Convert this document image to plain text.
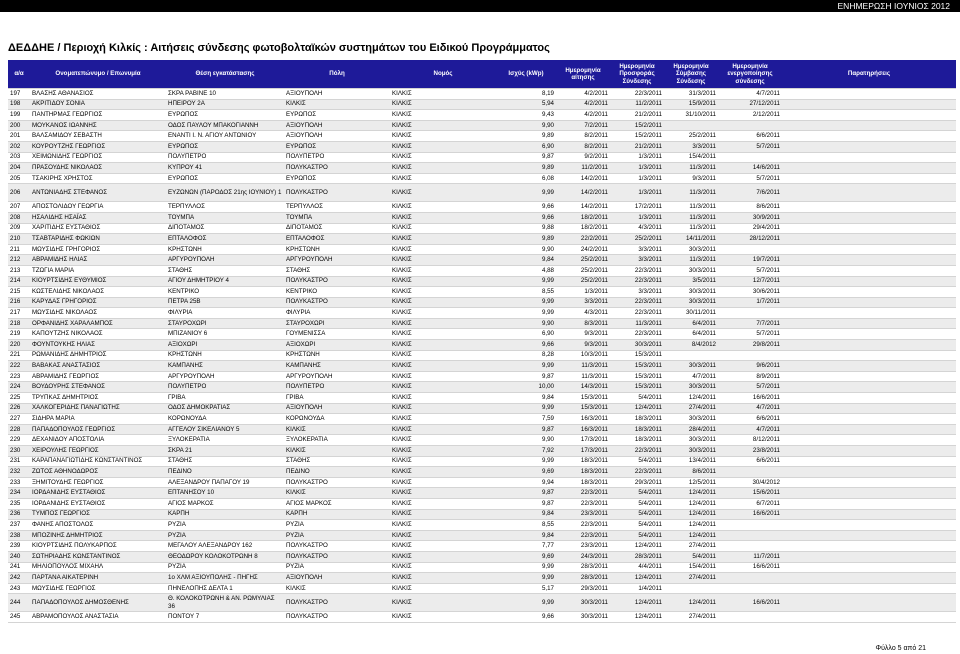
ΕΝΗΜΕΡΩΣΗ ΙΟΥΝΙΟΣ 2012
ΔΕΔΔΗΕ / Περιοχή Κιλκίς : Αιτήσεις σύνδεσης φωτοβολταϊκών συστημάτων του Ειδικού Προγράμματος
α/α	Ονοματεπώνυμο / Επωνυμία	Θέση εγκατάστασης	Πόλη	Νομός	Ισχύς (kWp)	Ημερομηνία αίτησης	Ημερομηνία Προσφοράς Σύνδεσης	Ημερομηνία Σύμβασης Σύνδεσης	Ημερομηνία ενεργοποίησης σύνδεσης	Παρατηρήσεις
197	ΒΛΑΣΗΣ ΑΘΑΝΑΣΙΟΣ	ΣΚΡΑ ΡΑΒΙΝΕ 10	ΑΞΙΟΥΠΟΛΗ	ΚΙΛΚΙΣ	8,19	4/2/2011	22/3/2011	31/3/2011	4/7/2011	
198	ΑΚΡΙΤΙΔΟΥ ΣΟΝΙΑ	ΗΠΕΙΡΟΥ 2Α	ΚΙΛΚΙΣ	ΚΙΛΚΙΣ	5,94	4/2/2011	11/2/2011	15/9/2011	27/12/2011	
199	ΠΑΝΤΗΡΜΑΣ ΓΕΩΡΓΙΟΣ	ΕΥΡΩΠΟΣ	ΕΥΡΩΠΟΣ	ΚΙΛΚΙΣ	9,43	4/2/2011	21/2/2011	31/10/2011	2/12/2011	
200	ΜΟΥΚΑΝΟΣ ΙΩΑΝΝΗΣ	ΟΔΟΣ ΠΑΥΛΟΥ ΜΠΑΚΟΓΙΑΝΝΗ	ΑΞΙΟΥΠΟΛΗ	ΚΙΛΚΙΣ	9,90	7/2/2011	15/2/2011			
201	ΒΑΛΣΑΜΙΔΟΥ ΣΕΒΑΣΤΗ	ΕΝΑΝΤΙ Ι. Ν. ΑΓΙΟΥ ΑΝΤΩΝΙΟΥ	ΑΞΙΟΥΠΟΛΗ	ΚΙΛΚΙΣ	9,89	8/2/2011	15/2/2011	25/2/2011	6/6/2011	
202	ΚΟΥΡΟΥΤΖΗΣ ΓΕΩΡΓΙΟΣ	ΕΥΡΩΠΟΣ	ΕΥΡΩΠΟΣ	ΚΙΛΚΙΣ	6,90	8/2/2011	21/2/2011	3/3/2011	5/7/2011	
203	ΧΕΙΜΩΝΙΔΗΣ ΓΕΩΡΓΙΟΣ	ΠΟΛΥΠΕΤΡΟ	ΠΟΛΥΠΕΤΡΟ	ΚΙΛΚΙΣ	9,87	9/2/2011	1/3/2011	15/4/2011		
204	ΠΡΑΣΟΥΔΗΣ ΝΙΚΟΛΑΟΣ	ΚΥΠΡΟΥ 41	ΠΟΛΥΚΑΣΤΡΟ	ΚΙΛΚΙΣ	9,89	11/2/2011	1/3/2011	11/3/2011	14/6/2011	
205	ΤΣΑΚΙΡΗΣ ΧΡΗΣΤΟΣ	ΕΥΡΩΠΟΣ	ΕΥΡΩΠΟΣ	ΚΙΛΚΙΣ	6,08	14/2/2011	1/3/2011	9/3/2011	5/7/2011	
206	ΑΝΤΩΝΙΑΔΗΣ ΣΤΕΦΑΝΟΣ	ΕΥΖΩΝΩΝ (ΠΑΡΟΔΟΣ 21ης ΙΟΥΝΙΟΥ) 1	ΠΟΛΥΚΑΣΤΡΟ	ΚΙΛΚΙΣ	9,99	14/2/2011	1/3/2011	11/3/2011	7/6/2011	
207	ΑΠΟΣΤΟΛΙΔΟΥ ΓΕΩΡΓΙΑ	ΤΕΡΠΥΛΛΟΣ	ΤΕΡΠΥΛΛΟΣ	ΚΙΛΚΙΣ	9,66	14/2/2011	17/2/2011	11/3/2011	8/6/2011	
208	ΗΣΑΛΙΔΗΣ ΗΣΑΪΑΣ	ΤΟΥΜΠΑ	ΤΟΥΜΠΑ	ΚΙΛΚΙΣ	9,66	18/2/2011	1/3/2011	11/3/2011	30/9/2011	
209	ΧΑΡΙΤΙΔΗΣ ΕΥΣΤΑΘΙΟΣ	ΔΙΠΟΤΑΜΟΣ	ΔΙΠΟΤΑΜΟΣ	ΚΙΛΚΙΣ	9,88	18/2/2011	4/3/2011	11/3/2011	29/4/2011	
210	ΤΣΑΒΤΑΡΙΔΗΣ ΦΩΚΙΩΝ	ΕΠΤΑΛΟΦΟΣ	ΕΠΤΑΛΟΦΟΣ	ΚΙΛΚΙΣ	9,89	22/2/2011	25/2/2011	14/11/2011	28/12/2011	
211	ΜΩΥΣΙΔΗΣ ΓΡΗΓΟΡΙΟΣ	ΚΡΗΣΤΩΝΗ	ΚΡΗΣΤΩΝΗ	ΚΙΛΚΙΣ	9,90	24/2/2011	3/3/2011	30/3/2011		
212	ΑΒΡΑΜΙΔΗΣ ΗΛΙΑΣ	ΑΡΓΥΡΟΥΠΟΛΗ	ΑΡΓΥΡΟΥΠΟΛΗ	ΚΙΛΚΙΣ	9,84	25/2/2011	3/3/2011	11/3/2011	19/7/2011	
213	ΤΖΩΓΙΑ ΜΑΡΙΑ	ΣΤΑΘΗΣ	ΣΤΑΘΗΣ	ΚΙΛΚΙΣ	4,88	25/2/2011	22/3/2011	30/3/2011	5/7/2011	
214	ΚΙΟΥΡΤΣΙΔΗΣ ΕΥΘΥΜΙΟΣ	ΑΓΙΟΥ ΔΗΜΗΤΡΙΟΥ 4	ΠΟΛΥΚΑΣΤΡΟ	ΚΙΛΚΙΣ	9,99	25/2/2011	22/3/2011	3/5/2011	12/7/2011	
215	ΚΩΣΤΕΛΙΔΗΣ ΝΙΚΟΛΑΟΣ	ΚΕΝΤΡΙΚΟ	ΚΕΝΤΡΙΚΟ	ΚΙΛΚΙΣ	8,55	1/3/2011	3/3/2011	30/3/2011	30/6/2011	
216	ΚΑΡΥΔΑΣ ΓΡΗΓΟΡΙΟΣ	ΠΕΤΡΑ 25Β	ΠΟΛΥΚΑΣΤΡΟ	ΚΙΛΚΙΣ	9,99	3/3/2011	22/3/2011	30/3/2011	1/7/2011	
217	ΜΩΥΣΙΔΗΣ ΝΙΚΟΛΑΟΣ	ΦΙΛΥΡΙΑ	ΦΙΛΥΡΙΑ	ΚΙΛΚΙΣ	9,99	4/3/2011	22/3/2011	30/11/2011		
218	ΟΡΦΑΝΙΔΗΣ ΧΑΡΑΛΑΜΠΟΣ	ΣΤΑΥΡΟΧΩΡΙ	ΣΤΑΥΡΟΧΩΡΙ	ΚΙΛΚΙΣ	9,90	8/3/2011	11/3/2011	6/4/2011	7/7/2011	
219	ΚΑΠΟΥΤΖΗΣ ΝΙΚΟΛΑΟΣ	ΜΠΙΖΑΝΙΟΥ 6	ΓΟΥΜΕΝΙΣΣΑ	ΚΙΛΚΙΣ	6,90	9/3/2011	22/3/2011	6/4/2011	5/7/2011	
220	ΦΟΥΝΤΟΥΚΗΣ ΗΛΙΑΣ	ΑΞΙΟΧΩΡΙ	ΑΞΙΟΧΩΡΙ	ΚΙΛΚΙΣ	9,66	9/3/2011	30/3/2011	8/4/2012	29/8/2011	
221	ΡΩΜΑΝΙΔΗΣ ΔΗΜΗΤΡΙΟΣ	ΚΡΗΣΤΩΝΗ	ΚΡΗΣΤΩΝΗ	ΚΙΛΚΙΣ	8,28	10/3/2011	15/3/2011			
222	ΒΑΒΑΚΑΣ ΑΝΑΣΤΑΣΙΟΣ	ΚΑΜΠΑΝΗΣ	ΚΑΜΠΑΝΗΣ	ΚΙΛΚΙΣ	9,99	11/3/2011	15/3/2011	30/3/2011	9/6/2011	
223	ΑΒΡΑΜΙΔΗΣ ΓΕΩΡΓΙΟΣ	ΑΡΓΥΡΟΥΠΟΛΗ	ΑΡΓΥΡΟΥΠΟΛΗ	ΚΙΛΚΙΣ	9,87	11/3/2011	15/3/2011	4/7/2011	8/9/2011	
224	ΒΟΥΔΟΥΡΗΣ ΣΤΕΦΑΝΟΣ	ΠΟΛΥΠΕΤΡΟ	ΠΟΛΥΠΕΤΡΟ	ΚΙΛΚΙΣ	10,00	14/3/2011	15/3/2011	30/3/2011	5/7/2011	
225	ΤΡΥΠΚΑΣ ΔΗΜΗΤΡΙΟΣ	ΓΡΙΒΑ	ΓΡΙΒΑ	ΚΙΛΚΙΣ	9,84	15/3/2011	5/4/2011	12/4/2011	16/6/2011	
226	ΧΑΛΚΟΓΕΡΙΔΗΣ ΠΑΝΑΓΙΩΤΗΣ	ΟΔΟΣ ΔΗΜΟΚΡΑΤΙΑΣ	ΑΞΙΟΥΠΟΛΗ	ΚΙΛΚΙΣ	9,99	15/3/2011	12/4/2011	27/4/2011	4/7/2011	
227	ΣΙΔΗΡΑ ΜΑΡΙΑ	ΚΟΡΩΝΟΥΔΑ	ΚΟΡΩΝΟΥΔΑ	ΚΙΛΚΙΣ	7,59	16/3/2011	18/3/2011	30/3/2011	6/6/2011	
228	ΠΑΠΑΔΟΠΟΥΛΟΣ ΓΕΩΡΓΙΟΣ	ΑΓΓΕΛΟΥ ΣΙΚΕΛΙΑΝΟΥ 5	ΚΙΛΚΙΣ	ΚΙΛΚΙΣ	9,87	16/3/2011	18/3/2011	28/4/2011	4/7/2011	
229	ΔΕΧΑΝΙΔΟΥ ΑΠΟΣΤΟΛΙΑ	ΞΥΛΟΚΕΡΑΤΙΑ	ΞΥΛΟΚΕΡΑΤΙΑ	ΚΙΛΚΙΣ	9,90	17/3/2011	18/3/2011	30/3/2011	8/12/2011	
230	ΧΕΙΡΟΥΛΗΣ ΓΕΩΡΓΙΟΣ	ΣΚΡΑ 21	ΚΙΛΚΙΣ	ΚΙΛΚΙΣ	7,92	17/3/2011	22/3/2011	30/3/2011	23/8/2011	
231	ΚΑΡΑΠΑΝΑΓΙΩΤΙΔΗΣ ΚΩΝΣΤΑΝΤΙΝΟΣ	ΣΤΑΘΗΣ	ΣΤΑΘΗΣ	ΚΙΛΚΙΣ	9,99	18/3/2011	5/4/2011	13/4/2011	6/6/2011	
232	ΖΩΤΟΣ ΑΘΗΝΟΔΩΡΟΣ	ΠΕΔΙΝΟ	ΠΕΔΙΝΟ	ΚΙΛΚΙΣ	9,69	18/3/2011	22/3/2011	8/6/2011		
233	ΞΗΜΙΤΟΥΔΗΣ ΓΕΩΡΓΙΟΣ	ΑΛΕΞΑΝΔΡΟΥ ΠΑΠΑΓΟΥ 19	ΠΟΛΥΚΑΣΤΡΟ	ΚΙΛΚΙΣ	9,94	18/3/2011	29/3/2011	12/5/2011	30/4/2012	
234	ΙΟΡΔΑΝΙΔΗΣ ΕΥΣΤΑΘΙΟΣ	ΕΠΤΑΝΗΣΟΥ 10	ΚΙΛΚΙΣ	ΚΙΛΚΙΣ	9,87	22/3/2011	5/4/2011	12/4/2011	15/6/2011	
235	ΙΟΡΔΑΝΙΔΗΣ ΕΥΣΤΑΘΙΟΣ	ΑΓΙΟΣ ΜΑΡΚΟΣ	ΑΓΙΟΣ ΜΑΡΚΟΣ	ΚΙΛΚΙΣ	9,87	22/3/2011	5/4/2011	12/4/2011	6/7/2011	
236	ΤΥΜΠΟΣ ΓΕΩΡΓΙΟΣ	ΚΑΡΠΗ	ΚΑΡΠΗ	ΚΙΛΚΙΣ	9,84	23/3/2011	5/4/2011	12/4/2011	16/6/2011	
237	ΦΑΝΗΣ ΑΠΟΣΤΟΛΟΣ	ΡΥΖΙΑ	ΡΥΖΙΑ	ΚΙΛΚΙΣ	8,55	22/3/2011	5/4/2011	12/4/2011		
238	ΜΠΟΖΙΝΗΣ ΔΗΜΗΤΡΙΟΣ	ΡΥΖΙΑ	ΡΥΖΙΑ	ΚΙΛΚΙΣ	9,84	22/3/2011	5/4/2011	12/4/2011		
239	ΚΙΟΥΡΤΣΙΔΗΣ ΠΟΛΥΚΑΡΠΟΣ	ΜΕΓΑΛΟΥ ΑΛΕΞΑΝΔΡΟΥ 162	ΠΟΛΥΚΑΣΤΡΟ	ΚΙΛΚΙΣ	7,77	23/3/2011	12/4/2011	27/4/2011		
240	ΣΩΤΗΡΙΑΔΗΣ ΚΩΝΣΤΑΝΤΙΝΟΣ	ΘΕΟΔΩΡΟΥ ΚΟΛΟΚΟΤΡΩΝΗ 8	ΠΟΛΥΚΑΣΤΡΟ	ΚΙΛΚΙΣ	9,69	24/3/2011	28/3/2011	5/4/2011	11/7/2011	
241	ΜΗΛΙΟΠΟΥΛΟΣ ΜΙΧΑΗΛ	ΡΥΖΙΑ	ΡΥΖΙΑ	ΚΙΛΚΙΣ	9,99	28/3/2011	4/4/2011	15/4/2011	16/6/2011	
242	ΠΑΡΤΑΝΑ ΑΙΚΑΤΕΡΙΝΗ	1ο ΧΛΜ ΑΞΙΟΥΠΟΛΗΣ - ΠΗΓΗΣ	ΑΞΙΟΥΠΟΛΗ	ΚΙΛΚΙΣ	9,99	28/3/2011	12/4/2011	27/4/2011		
243	ΜΩΥΣΙΔΗΣ ΓΕΩΡΓΙΟΣ	ΠΗΝΕΛΟΠΗΣ ΔΕΛΤΑ 1	ΚΙΛΚΙΣ	ΚΙΛΚΙΣ	5,17	29/3/2011	1/4/2011			
244	ΠΑΠΑΔΟΠΟΥΛΟΣ ΔΗΜΟΣΘΕΝΗΣ	Θ. ΚΟΛΟΚΟΤΡΩΝΗ & ΑΝ. ΡΩΜΥΛΙΑΣ 36	ΠΟΛΥΚΑΣΤΡΟ	ΚΙΛΚΙΣ	9,99	30/3/2011	12/4/2011	12/4/2011	16/6/2011	
245	ΑΒΡΑΜΟΠΟΥΛΟΣ ΑΝΑΣΤΑΣΙΑ	ΠΟΝΤΟΥ 7	ΠΟΛΥΚΑΣΤΡΟ	ΚΙΛΚΙΣ	9,66	30/3/2011	12/4/2011	27/4/2011		
Φύλλο 5 από 21
